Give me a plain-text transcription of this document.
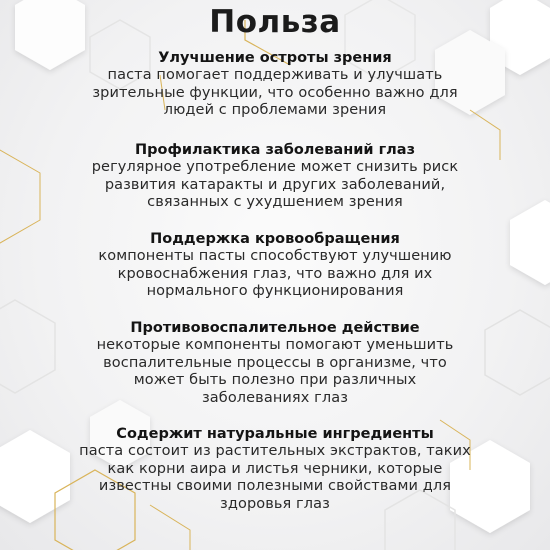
Польза
Улучшение остроты зрения
паста помогает поддерживать и улучшать
зрительные функции, что особенно важно для
людей с проблемами зрения
Профилактика заболеваний глаз
регулярное употребление может снизить риск
развития катаракты и других заболеваний,
связанных с ухудшением зрения
Поддержка кровообращения
компоненты пасты способствуют улучшению
кровоснабжения глаз, что важно для их
нормального функционирования
Противовоспалительное действие
некоторые компоненты помогают уменьшить
воспалительные процессы в организме, что
может быть полезно при различных
заболеваниях глаз
Содержит натуральные ингредиенты
паста состоит из растительных экстрактов, таких
как корни аира и листья черники, которые
известны своими полезными свойствами для
здоровья глаз
